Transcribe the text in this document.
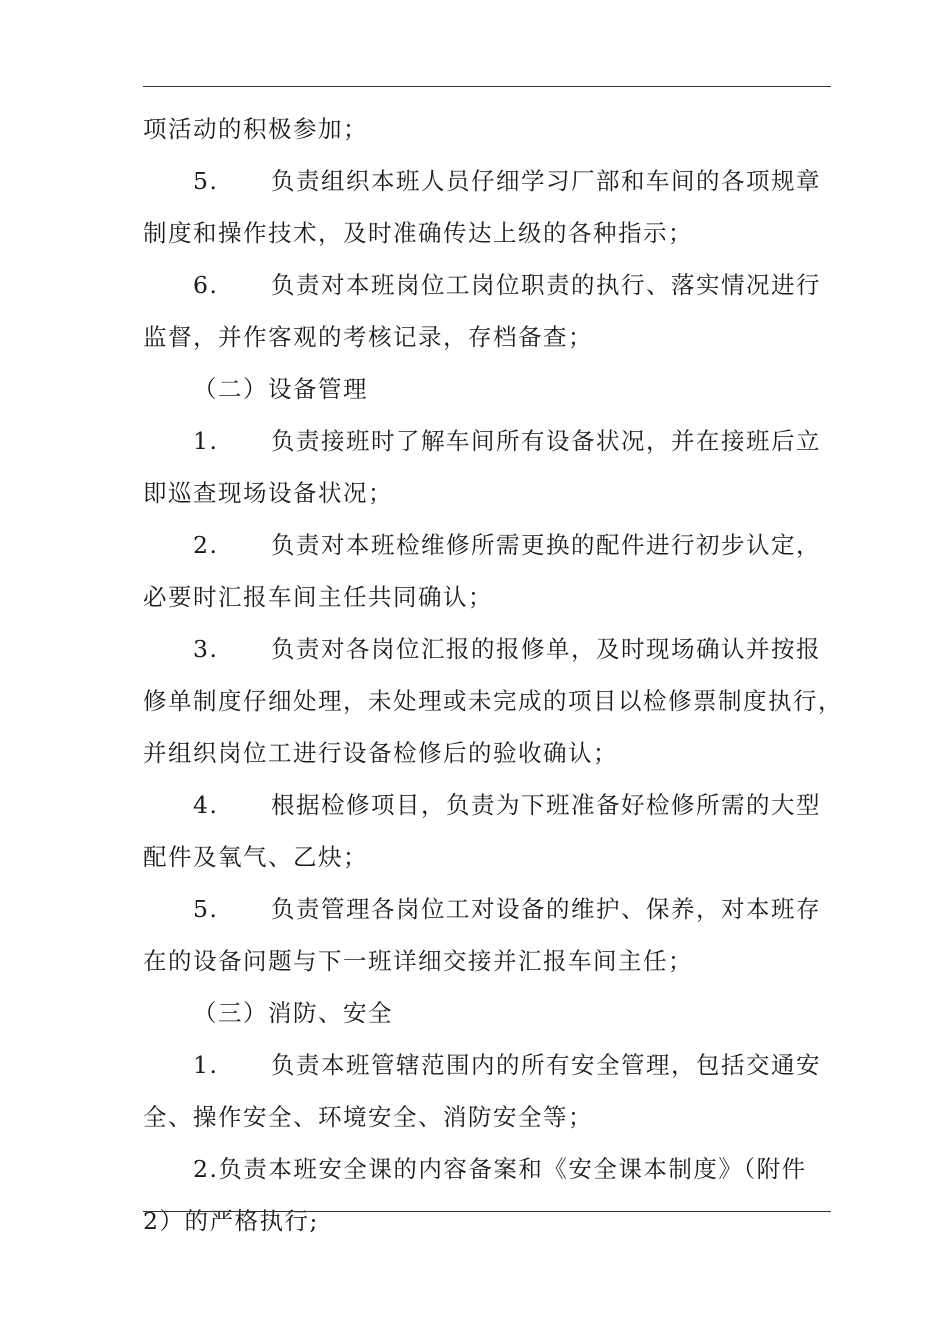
项活动的积极参加；
5. 负责组织本班人员仔细学习厂部和车间的各项规章
制度和操作技术，及时准确传达上级的各种指示；
6. 负责对本班岗位工岗位职责的执行、落实情况进行
监督，并作客观的考核记录，存档备查；
（二）设备管理
1. 负责接班时了解车间所有设备状况，并在接班后立
即巡查现场设备状况；
2. 负责对本班检维修所需更换的配件进行初步认定，
必要时汇报车间主任共同确认；
3. 负责对各岗位汇报的报修单，及时现场确认并按报
修单制度仔细处理，未处理或未完成的项目以检修票制度执行，
并组织岗位工进行设备检修后的验收确认；
4. 根据检修项目，负责为下班准备好检修所需的大型
配件及氧气、乙炔；
5. 负责管理各岗位工对设备的维护、保养，对本班存
在的设备问题与下一班详细交接并汇报车间主任；
（三）消防、安全
1. 负责本班管辖范围内的所有安全管理，包括交通安
全、操作安全、环境安全、消防安全等；
2.负责本班安全课的内容备案和《安全课本制度》（附件
2）的严格执行;
